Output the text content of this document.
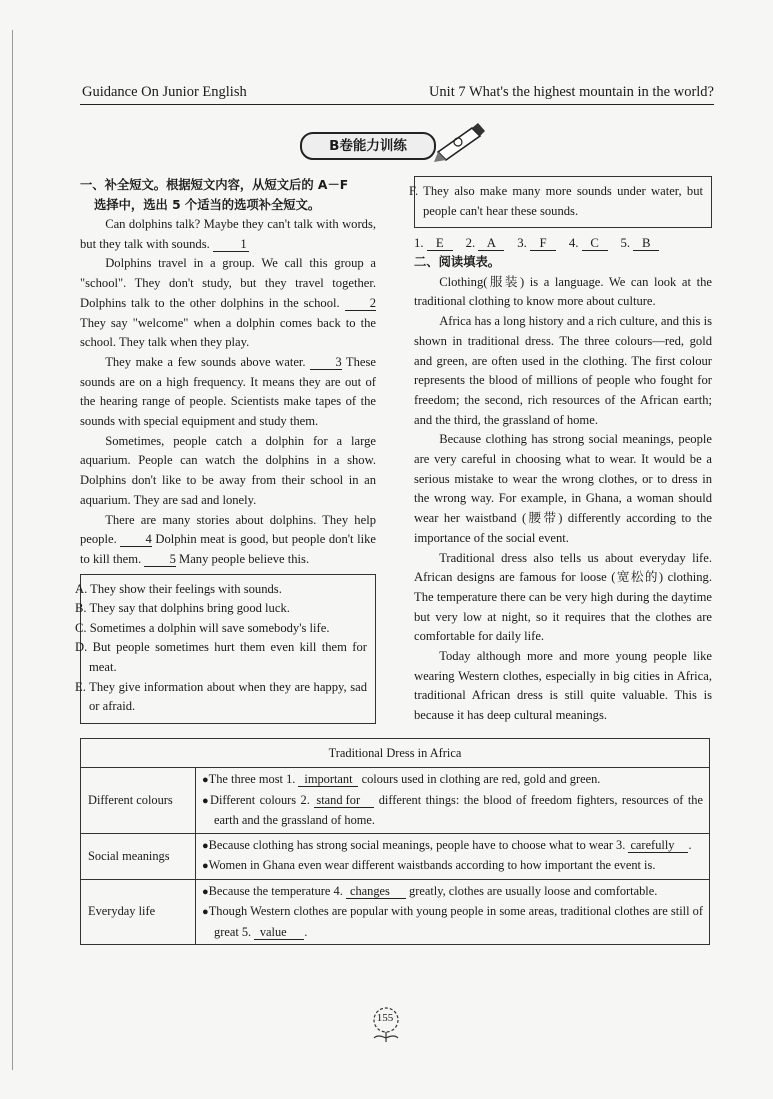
Guidance On Junior English	Unit 7 What's the highest mountain in the world?
B卷能力训练
一、补全短文。根据短文内容，从短文后的 A－F
选择中，选出 5 个适当的选项补全短文。

Can dolphins talk? Maybe they can't talk with words, but they talk with sounds. 1

Dolphins travel in a group. We call this group a "school". They don't study, but they travel together. Dolphins talk to the other dolphins in the school. 2 They say "welcome" when a dolphin comes back to the school. They talk when they play.

They make a few sounds above water. 3 These sounds are on a high frequency. It means they are out of the hearing range of people. Scientists make tapes of the sounds with special equipment and study them.

Sometimes, people catch a dolphin for a large aquarium. People can watch the dolphins in a show. Dolphins don't like to be away from their school in an aquarium. They are sad and lonely.

There are many stories about dolphins. They help people. 4 Dolphin meat is good, but people don't like to kill them. 5 Many people believe this.

A. They show their feelings with sounds.
B. They say that dolphins bring good luck.
C. Sometimes a dolphin will save somebody's life.
D. But people sometimes hurt them even kill them for meat.
E. They give information about when they are happy, sad or afraid.
F. They also make many more sounds under water, but people can't hear these sounds.
1. E 2. A 3. F 4. C 5. B
二、阅读填表。

Clothing(服装) is a language. We can look at the traditional clothing to know more about culture.

Africa has a long history and a rich culture, and this is shown in traditional dress. The three colours—red, gold and green, are often used in the clothing. The first colour represents the blood of millions of people who fought for freedom; the second, rich resources of the African earth; and the third, the grassland of home.

Because clothing has strong social meanings, people are very careful in choosing what to wear. It would be a serious mistake to wear the wrong clothes, or to dress in the wrong way. For example, in Ghana, a woman should wear her waistband (腰带) differently according to the importance of the social event.

Traditional dress also tells us about everyday life. African designs are famous for loose (宽松的) clothing. The temperature there can be very high during the daytime but very low at night, so it requires that the clothes are comfortable for daily life.

Today although more and more young people like wearing Western clothes, especially in big cities in Africa, traditional African dress is still quite valuable. This is because it has deep cultural meanings.

Traditional Dress in Africa	
Different colours	●The three most 1. important colours used in clothing are red, gold and green.
●Different colours 2. stand for different things: the blood of freedom fighters, resources of the earth and the grassland of home.

Social meanings	●Because clothing has strong social meanings, people have to choose what to wear 3. carefully .
●Women in Ghana even wear different waistbands according to how important the event is.

Everyday life	●Because the temperature 4. changes greatly, clothes are usually loose and comfortable.
●Though Western clothes are popular with young people in some areas, traditional clothes are still of great 5. value .
155
